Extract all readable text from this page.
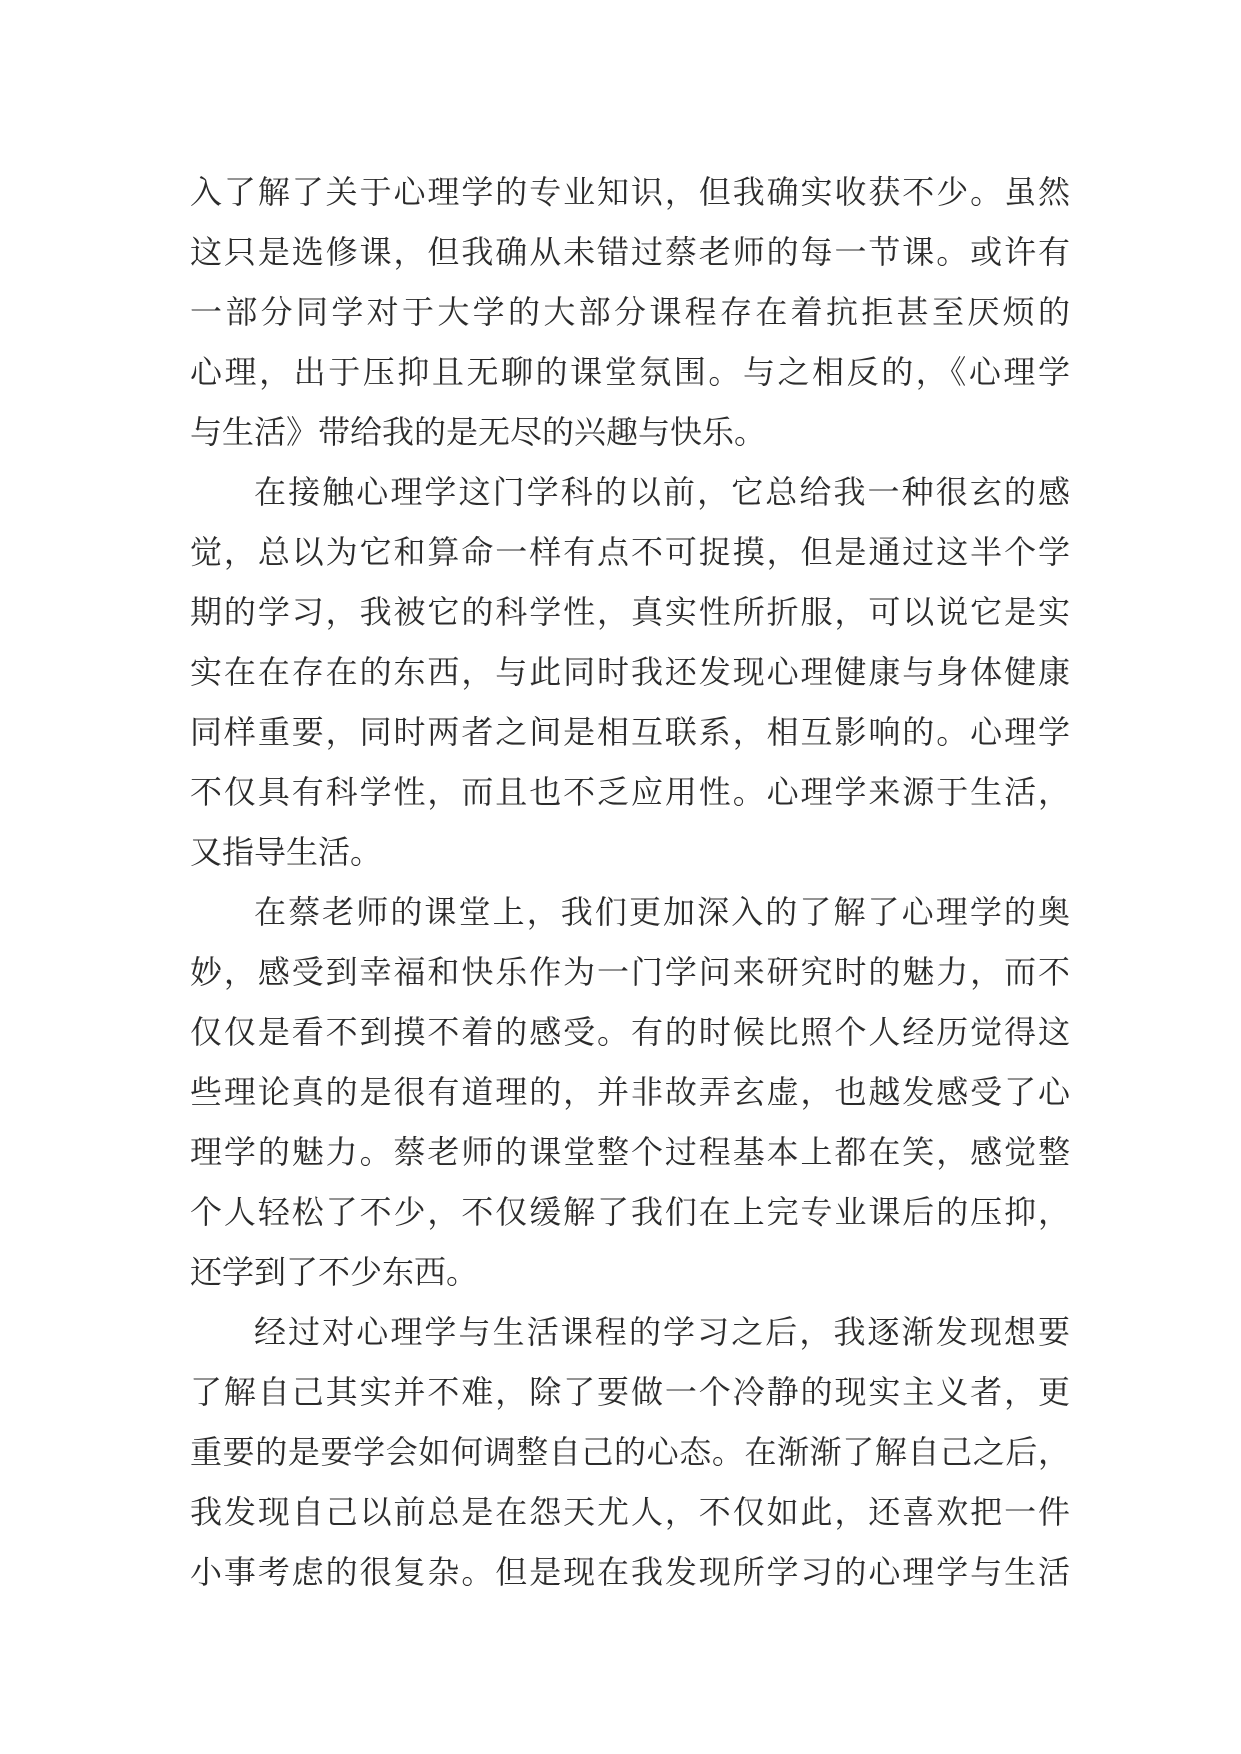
入了解了关于心理学的专业知识，但我确实收获不少。虽然
这只是选修课，但我确从未错过蔡老师的每一节课。或许有
一部分同学对于大学的大部分课程存在着抗拒甚至厌烦的
心理，出于压抑且无聊的课堂氛围。与之相反的，《心理学
与生活》带给我的是无尽的兴趣与快乐。
在接触心理学这门学科的以前，它总给我一种很玄的感
觉，总以为它和算命一样有点不可捉摸，但是通过这半个学
期的学习，我被它的科学性，真实性所折服，可以说它是实
实在在存在的东西，与此同时我还发现心理健康与身体健康
同样重要，同时两者之间是相互联系，相互影响的。心理学
不仅具有科学性，而且也不乏应用性。心理学来源于生活，
又指导生活。
在蔡老师的课堂上，我们更加深入的了解了心理学的奥
妙，感受到幸福和快乐作为一门学问来研究时的魅力，而不
仅仅是看不到摸不着的感受。有的时候比照个人经历觉得这
些理论真的是很有道理的，并非故弄玄虚，也越发感受了心
理学的魅力。蔡老师的课堂整个过程基本上都在笑，感觉整
个人轻松了不少，不仅缓解了我们在上完专业课后的压抑，
还学到了不少东西。
经过对心理学与生活课程的学习之后，我逐渐发现想要
了解自己其实并不难，除了要做一个冷静的现实主义者，更
重要的是要学会如何调整自己的心态。在渐渐了解自己之后，
我发现自己以前总是在怨天尤人，不仅如此，还喜欢把一件
小事考虑的很复杂。但是现在我发现所学习的心理学与生活
